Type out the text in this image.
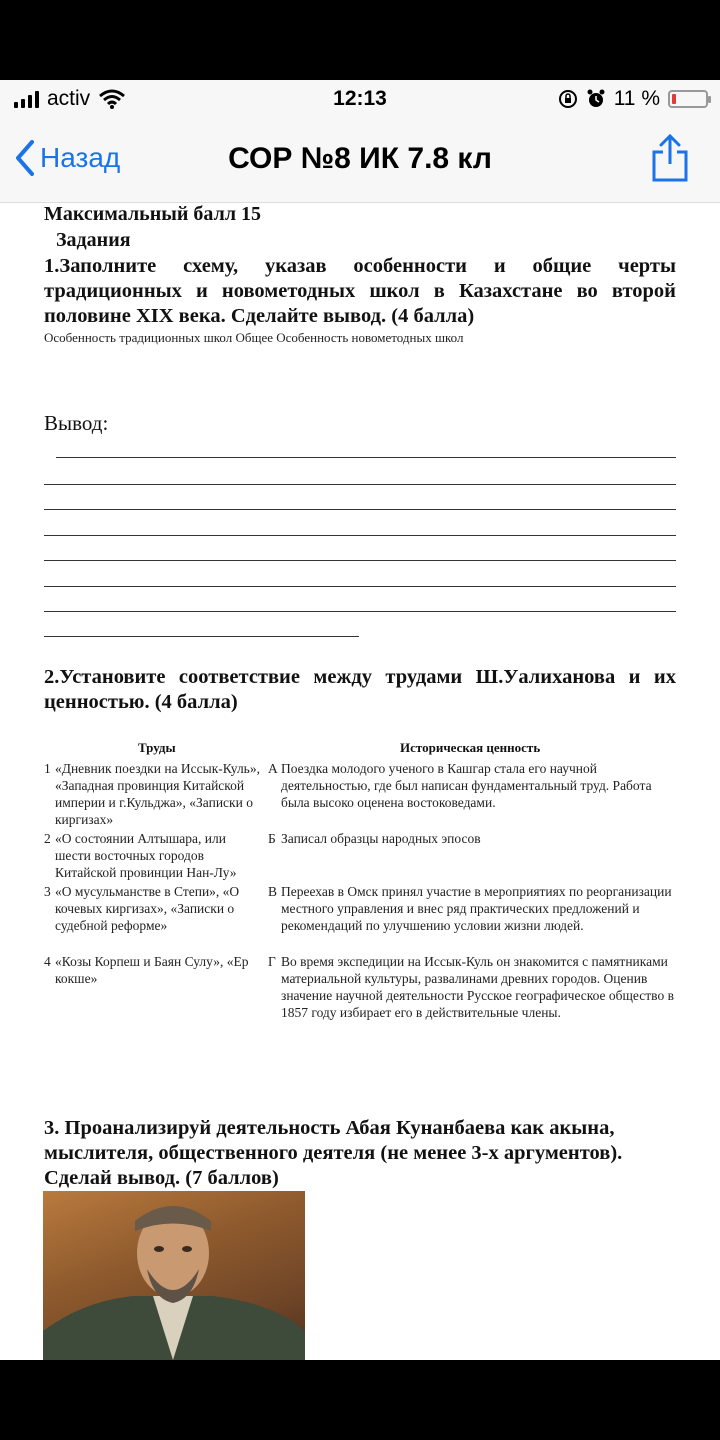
activ	12:13	11 %
Назад	СОР №8 ИК 7.8 кл
Максимальный балл 15
Задания
1.Заполните схему, указав особенности и общие черты традиционных и новометодных школ в Казахстане во второй половине XIX века. Сделайте вывод. (4 балла)
Особенность традиционных школ Общее Особенность новометодных школ
Вывод:
2.Установите соответствие между трудами Ш.Уалиханова и их ценностью. (4 балла)
Труды	Историческая ценность
1 «Дневник поездки на Иссык-Куль», «Западная провинция Китайской империи и г.Кульджа», «Записки о киргизах»
А Поездка молодого ученого в Кашгар стала его научной деятельностью, где был написан фундаментальный труд. Работа была высоко оценена востоковедами.
2 «О состоянии Алтышара, или шести восточных городов Китайской провинции Нан-Лу»
Б Записал образцы народных эпосов
3 «О мусульманстве в Степи», «О кочевых киргизах», «Записки о судебной реформе»
В Переехав в Омск принял участие в мероприятиях по реорганизации местного управления и внес ряд практических предложений и рекомендаций по улучшению условии жизни людей.
4 «Козы Корпеш и Баян Сулу», «Ер кокше»
Г Во время экспедиции на Иссык-Куль он знакомится с памятниками материальной культуры, развалинами древних городов. Оценив значение научной деятельности Русское географическое общество в 1857 году избирает его в действительные члены.
3. Проанализируй деятельность Абая Кунанбаева как акына, мыслителя, общественного деятеля (не менее 3-х аргументов). Сделай вывод. (7 баллов)
